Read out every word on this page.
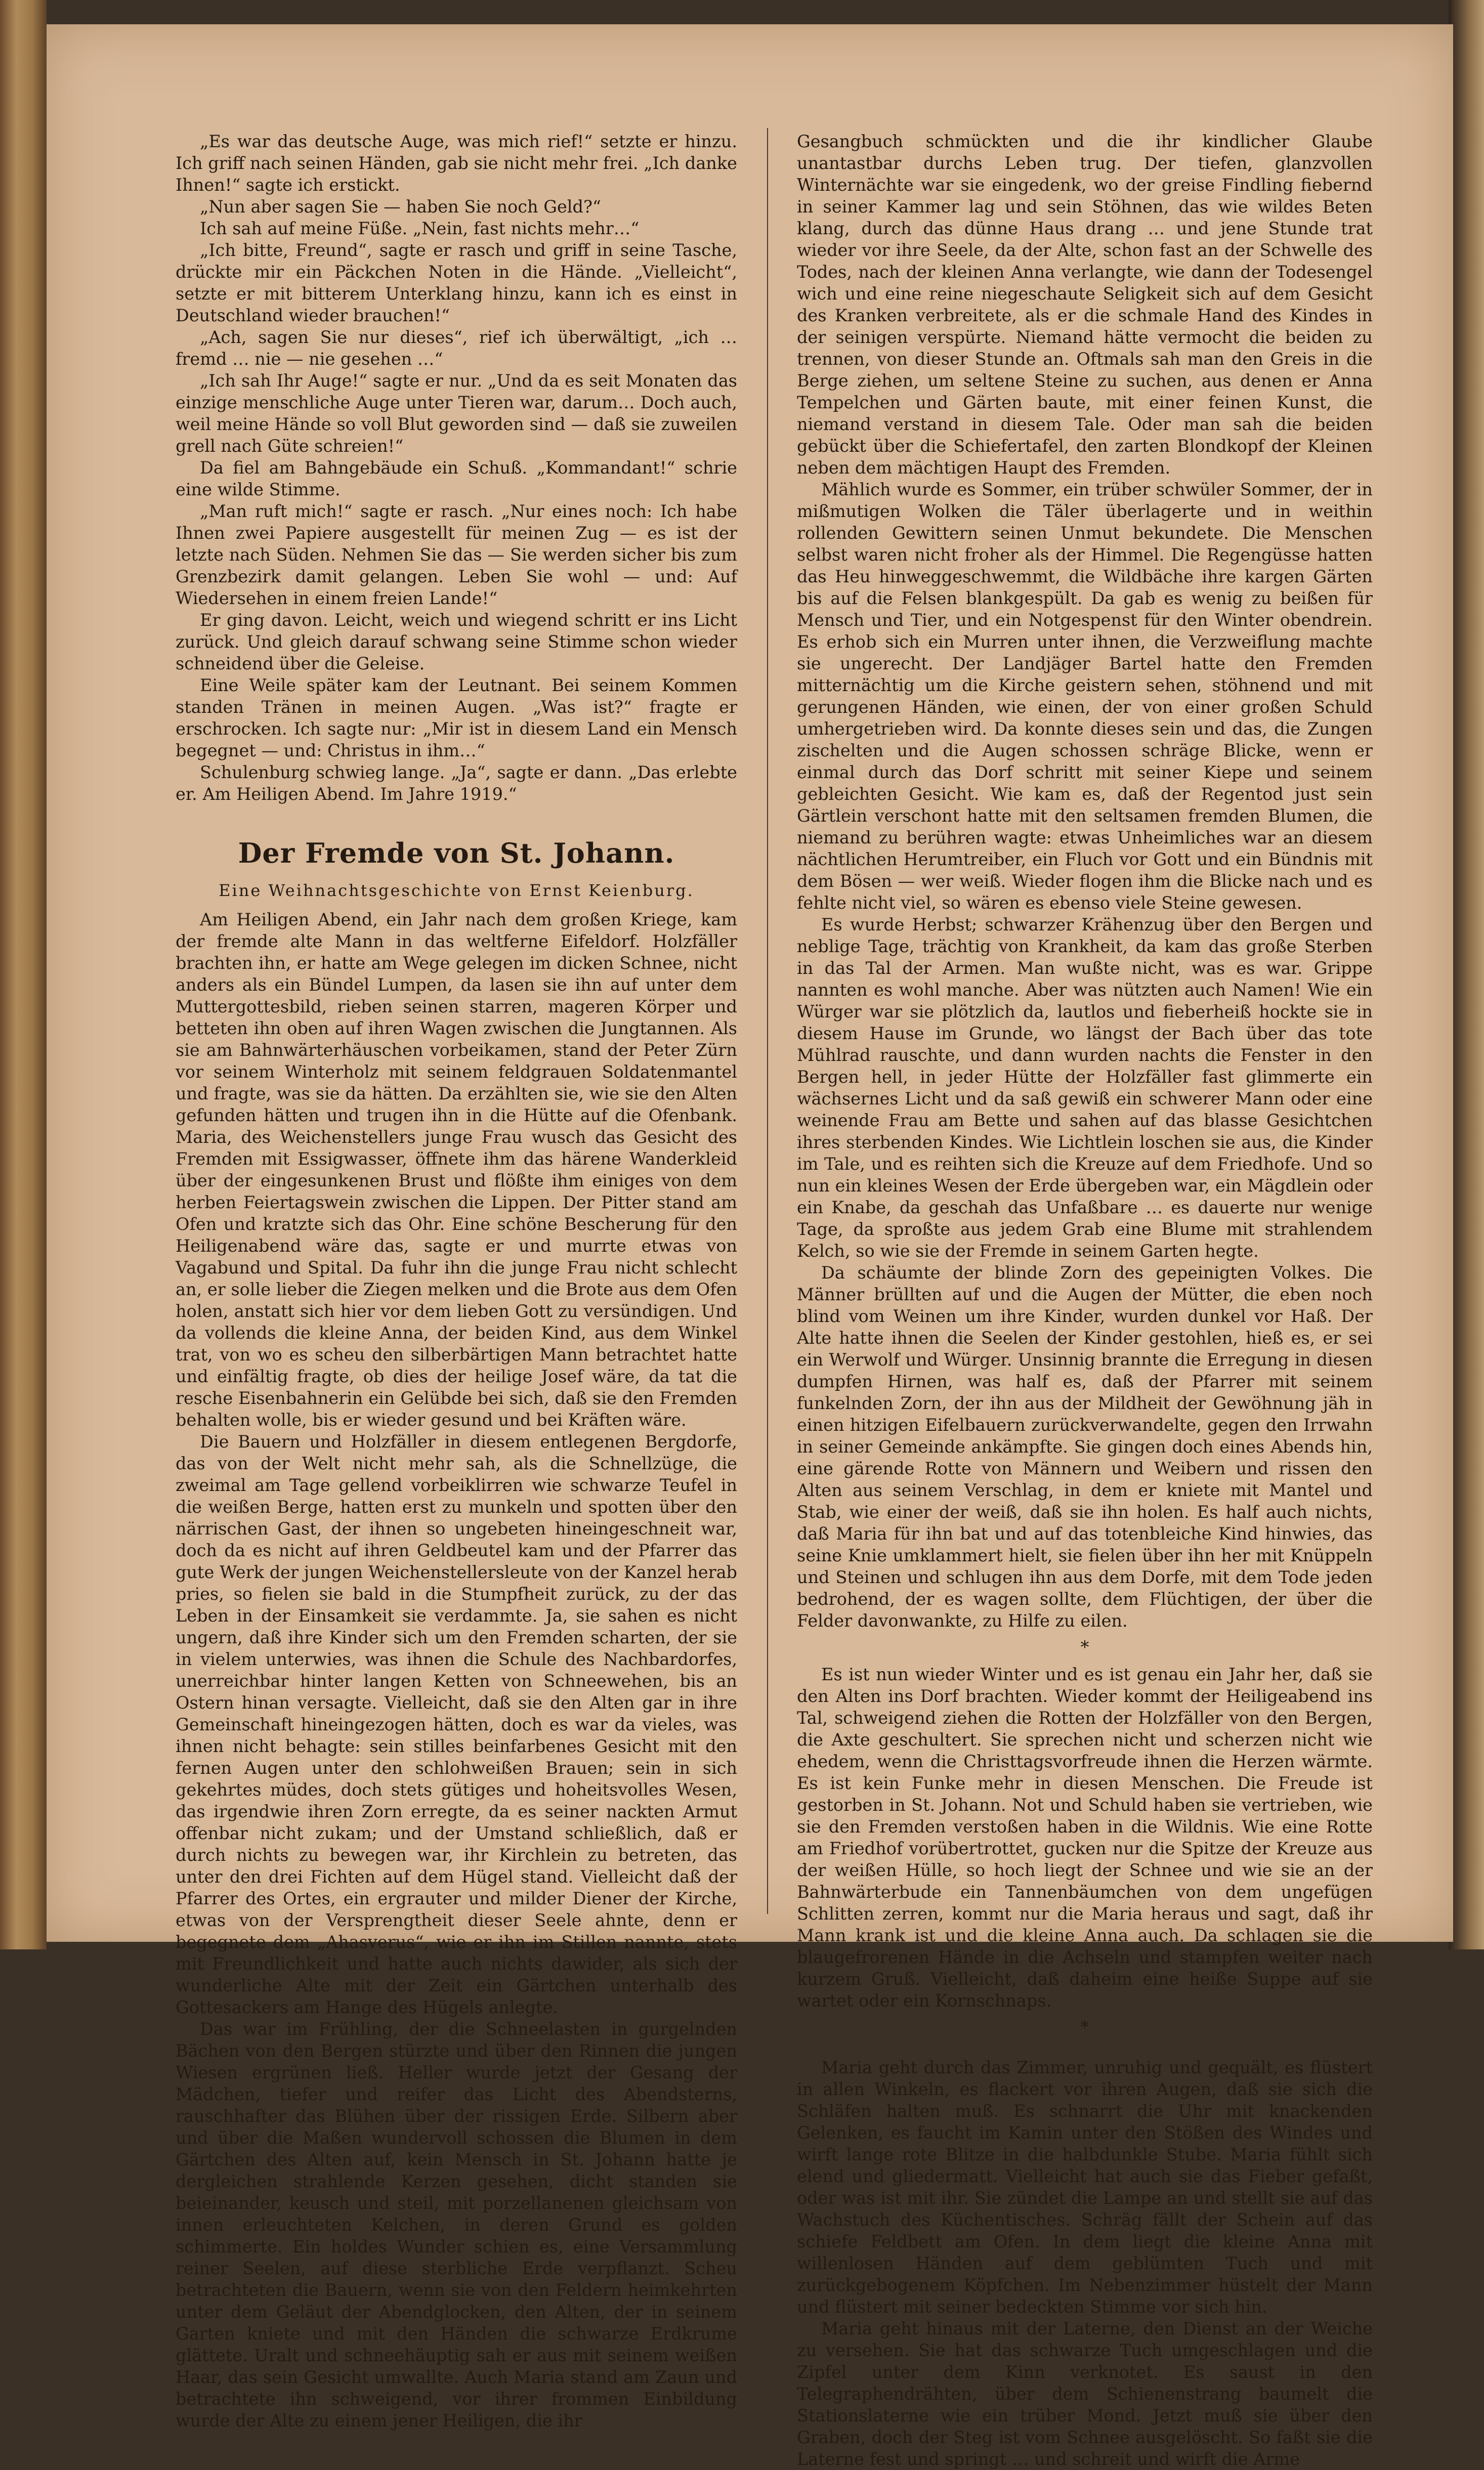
„Es war das deutsche Auge, was mich rief!“ setzte er hinzu. Ich griff nach seinen Händen, gab sie nicht mehr frei. „Ich danke Ihnen!“ sagte ich erstickt.

„Nun aber sagen Sie — haben Sie noch Geld?“

Ich sah auf meine Füße. „Nein, fast nichts mehr…“

„Ich bitte, Freund“, sagte er rasch und griff in seine Tasche, drückte mir ein Päckchen Noten in die Hände. „Vielleicht“, setzte er mit bitterem Unterklang hinzu, kann ich es einst in Deutschland wieder brauchen!“

„Ach, sagen Sie nur dieses“, rief ich überwältigt, „ich … fremd … nie — nie gesehen …“

„Ich sah Ihr Auge!“ sagte er nur. „Und da es seit Monaten das einzige menschliche Auge unter Tieren war, darum… Doch auch, weil meine Hände so voll Blut geworden sind — daß sie zuweilen grell nach Güte schreien!“

Da fiel am Bahngebäude ein Schuß. „Kommandant!“ schrie eine wilde Stimme.

„Man ruft mich!“ sagte er rasch. „Nur eines noch: Ich habe Ihnen zwei Papiere ausgestellt für meinen Zug — es ist der letzte nach Süden. Nehmen Sie das — Sie werden sicher bis zum Grenzbezirk damit gelangen. Leben Sie wohl — und: Auf Wiedersehen in einem freien Lande!“

Er ging davon. Leicht, weich und wiegend schritt er ins Licht zurück. Und gleich darauf schwang seine Stimme schon wieder schneidend über die Geleise.

Eine Weile später kam der Leutnant. Bei seinem Kommen standen Tränen in meinen Augen. „Was ist?“ fragte er erschrocken. Ich sagte nur: „Mir ist in diesem Land ein Mensch begegnet — und: Christus in ihm…“

Schulenburg schwieg lange. „Ja“, sagte er dann. „Das erlebte er. Am Heiligen Abend. Im Jahre 1919.“

Der Fremde von St. Johann.
Eine Weihnachtsgeschichte von Ernst Keienburg.

Am Heiligen Abend, ein Jahr nach dem großen Kriege, kam der fremde alte Mann in das weltferne Eifeldorf. Holzfäller brachten ihn, er hatte am Wege gelegen im dicken Schnee, nicht anders als ein Bündel Lumpen, da lasen sie ihn auf unter dem Muttergottesbild, rieben seinen starren, mageren Körper und betteten ihn oben auf ihren Wagen zwischen die Jungtannen. Als sie am Bahnwärterhäuschen vorbeikamen, stand der Peter Zürn vor seinem Winterholz mit seinem feldgrauen Soldatenmantel und fragte, was sie da hätten. Da erzählten sie, wie sie den Alten gefunden hätten und trugen ihn in die Hütte auf die Ofenbank. Maria, des Weichenstellers junge Frau wusch das Gesicht des Fremden mit Essigwasser, öffnete ihm das härene Wanderkleid über der eingesunkenen Brust und flößte ihm einiges von dem herben Feiertagswein zwischen die Lippen. Der Pitter stand am Ofen und kratzte sich das Ohr. Eine schöne Bescherung für den Heiligenabend wäre das, sagte er und murrte etwas von Vagabund und Spital. Da fuhr ihn die junge Frau nicht schlecht an, er solle lieber die Ziegen melken und die Brote aus dem Ofen holen, anstatt sich hier vor dem lieben Gott zu versündigen. Und da vollends die kleine Anna, der beiden Kind, aus dem Winkel trat, von wo es scheu den silberbärtigen Mann betrachtet hatte und einfältig fragte, ob dies der heilige Josef wäre, da tat die resche Eisenbahnerin ein Gelübde bei sich, daß sie den Fremden behalten wolle, bis er wieder gesund und bei Kräften wäre.

Die Bauern und Holzfäller in diesem entlegenen Bergdorfe, das von der Welt nicht mehr sah, als die Schnellzüge, die zweimal am Tage gellend vorbeiklirren wie schwarze Teufel in die weißen Berge, hatten erst zu munkeln und spotten über den närrischen Gast, der ihnen so ungebeten hineingeschneit war, doch da es nicht auf ihren Geldbeutel kam und der Pfarrer das gute Werk der jungen Weichenstellersleute von der Kanzel herab pries, so fielen sie bald in die Stumpfheit zurück, zu der das Leben in der Einsamkeit sie verdammte. Ja, sie sahen es nicht ungern, daß ihre Kinder sich um den Fremden scharten, der sie in vielem unterwies, was ihnen die Schule des Nachbardorfes, unerreichbar hinter langen Ketten von Schneewehen, bis an Ostern hinan versagte. Vielleicht, daß sie den Alten gar in ihre Gemeinschaft hineingezogen hätten, doch es war da vieles, was ihnen nicht behagte: sein stilles beinfarbenes Gesicht mit den fernen Augen unter den schlohweißen Brauen; sein in sich gekehrtes müdes, doch stets gütiges und hoheitsvolles Wesen, das irgendwie ihren Zorn erregte, da es seiner nackten Armut offenbar nicht zukam; und der Umstand schließlich, daß er durch nichts zu bewegen war, ihr Kirchlein zu betreten, das unter den drei Fichten auf dem Hügel stand. Vielleicht daß der Pfarrer des Ortes, ein ergrauter und milder Diener der Kirche, etwas von der Versprengtheit dieser Seele ahnte, denn er begegnete dem „Ahasverus“, wie er ihn im Stillen nannte, stets mit Freundlichkeit und hatte auch nichts dawider, als sich der wunderliche Alte mit der Zeit ein Gärtchen unterhalb des Gottesackers am Hange des Hügels anlegte.

Das war im Frühling, der die Schneelasten in gurgelnden Bächen von den Bergen stürzte und über den Rinnen die jungen Wiesen ergrünen ließ. Heller wurde jetzt der Gesang der Mädchen, tiefer und reifer das Licht des Abendsterns, rauschhafter das Blühen über der rissigen Erde. Silbern aber und über die Maßen wundervoll schossen die Blumen in dem Gärtchen des Alten auf, kein Mensch in St. Johann hatte je dergleichen strahlende Kerzen gesehen, dicht standen sie beieinander, keusch und steil, mit porzellanenen gleichsam von innen erleuchteten Kelchen, in deren Grund es golden schimmerte. Ein holdes Wunder schien es, eine Versammlung reiner Seelen, auf diese sterbliche Erde verpflanzt. Scheu betrachteten die Bauern, wenn sie von den Feldern heimkehrten unter dem Geläut der Abendglocken, den Alten, der in seinem Garten kniete und mit den Händen die schwarze Erdkrume glättete. Uralt und schneehäuptig sah er aus mit seinem weißen Haar, das sein Gesicht umwallte. Auch Maria stand am Zaun und betrachtete ihn schweigend, vor ihrer frommen Einbildung wurde der Alte zu einem jener Heiligen, die ihr

Gesangbuch schmückten und die ihr kindlicher Glaube unantastbar durchs Leben trug. Der tiefen, glanzvollen Winternächte war sie eingedenk, wo der greise Findling fiebernd in seiner Kammer lag und sein Stöhnen, das wie wildes Beten klang, durch das dünne Haus drang … und jene Stunde trat wieder vor ihre Seele, da der Alte, schon fast an der Schwelle des Todes, nach der kleinen Anna verlangte, wie dann der Todesengel wich und eine reine niegeschaute Seligkeit sich auf dem Gesicht des Kranken verbreitete, als er die schmale Hand des Kindes in der seinigen verspürte. Niemand hätte vermocht die beiden zu trennen, von dieser Stunde an. Oftmals sah man den Greis in die Berge ziehen, um seltene Steine zu suchen, aus denen er Anna Tempelchen und Gärten baute, mit einer feinen Kunst, die niemand verstand in diesem Tale. Oder man sah die beiden gebückt über die Schiefertafel, den zarten Blondkopf der Kleinen neben dem mächtigen Haupt des Fremden.

Mählich wurde es Sommer, ein trüber schwüler Sommer, der in mißmutigen Wolken die Täler überlagerte und in weithin rollenden Gewittern seinen Unmut bekundete. Die Menschen selbst waren nicht froher als der Himmel. Die Regengüsse hatten das Heu hinweggeschwemmt, die Wildbäche ihre kargen Gärten bis auf die Felsen blankgespült. Da gab es wenig zu beißen für Mensch und Tier, und ein Notgespenst für den Winter obendrein. Es erhob sich ein Murren unter ihnen, die Verzweiflung machte sie ungerecht. Der Landjäger Bartel hatte den Fremden mitternächtig um die Kirche geistern sehen, stöhnend und mit gerungenen Händen, wie einen, der von einer großen Schuld umhergetrieben wird. Da konnte dieses sein und das, die Zungen zischelten und die Augen schossen schräge Blicke, wenn er einmal durch das Dorf schritt mit seiner Kiepe und seinem gebleichten Gesicht. Wie kam es, daß der Regentod just sein Gärtlein verschont hatte mit den seltsamen fremden Blumen, die niemand zu berühren wagte: etwas Unheimliches war an diesem nächtlichen Herumtreiber, ein Fluch vor Gott und ein Bündnis mit dem Bösen — wer weiß. Wieder flogen ihm die Blicke nach und es fehlte nicht viel, so wären es ebenso viele Steine gewesen.

Es wurde Herbst; schwarzer Krähenzug über den Bergen und neblige Tage, trächtig von Krankheit, da kam das große Sterben in das Tal der Armen. Man wußte nicht, was es war. Grippe nannten es wohl manche. Aber was nützten auch Namen! Wie ein Würger war sie plötzlich da, lautlos und fieberheiß hockte sie in diesem Hause im Grunde, wo längst der Bach über das tote Mühlrad rauschte, und dann wurden nachts die Fenster in den Bergen hell, in jeder Hütte der Holzfäller fast glimmerte ein wächsernes Licht und da saß gewiß ein schwerer Mann oder eine weinende Frau am Bette und sahen auf das blasse Gesichtchen ihres sterbenden Kindes. Wie Lichtlein loschen sie aus, die Kinder im Tale, und es reihten sich die Kreuze auf dem Friedhofe. Und so nun ein kleines Wesen der Erde übergeben war, ein Mägdlein oder ein Knabe, da geschah das Unfaßbare … es dauerte nur wenige Tage, da sproßte aus jedem Grab eine Blume mit strahlendem Kelch, so wie sie der Fremde in seinem Garten hegte.

Da schäumte der blinde Zorn des gepeinigten Volkes. Die Männer brüllten auf und die Augen der Mütter, die eben noch blind vom Weinen um ihre Kinder, wurden dunkel vor Haß. Der Alte hatte ihnen die Seelen der Kinder gestohlen, hieß es, er sei ein Werwolf und Würger. Unsinnig brannte die Erregung in diesen dumpfen Hirnen, was half es, daß der Pfarrer mit seinem funkelnden Zorn, der ihn aus der Mildheit der Gewöhnung jäh in einen hitzigen Eifelbauern zurückverwandelte, gegen den Irrwahn in seiner Gemeinde ankämpfte. Sie gingen doch eines Abends hin, eine gärende Rotte von Männern und Weibern und rissen den Alten aus seinem Verschlag, in dem er kniete mit Mantel und Stab, wie einer der weiß, daß sie ihn holen. Es half auch nichts, daß Maria für ihn bat und auf das totenbleiche Kind hinwies, das seine Knie umklammert hielt, sie fielen über ihn her mit Knüppeln und Steinen und schlugen ihn aus dem Dorfe, mit dem Tode jeden bedrohend, der es wagen sollte, dem Flüchtigen, der über die Felder davonwankte, zu Hilfe zu eilen.

*

Es ist nun wieder Winter und es ist genau ein Jahr her, daß sie den Alten ins Dorf brachten. Wieder kommt der Heiligeabend ins Tal, schweigend ziehen die Rotten der Holzfäller von den Bergen, die Axte geschultert. Sie sprechen nicht und scherzen nicht wie ehedem, wenn die Christtagsvorfreude ihnen die Herzen wärmte. Es ist kein Funke mehr in diesen Menschen. Die Freude ist gestorben in St. Johann. Not und Schuld haben sie vertrieben, wie sie den Fremden verstoßen haben in die Wildnis. Wie eine Rotte am Friedhof vorübertrottet, gucken nur die Spitze der Kreuze aus der weißen Hülle, so hoch liegt der Schnee und wie sie an der Bahnwärterbude ein Tannenbäumchen von dem ungefügen Schlitten zerren, kommt nur die Maria heraus und sagt, daß ihr Mann krank ist und die kleine Anna auch. Da schlagen sie die blaugefrorenen Hände in die Achseln und stampfen weiter nach kurzem Gruß. Vielleicht, daß daheim eine heiße Suppe auf sie wartet oder ein Kornschnaps.

*

Maria geht durch das Zimmer, unruhig und gequält, es flüstert in allen Winkeln, es flackert vor ihren Augen, daß sie sich die Schläfen halten muß. Es schnarrt die Uhr mit knackenden Gelenken, es faucht im Kamin unter den Stößen des Windes und wirft lange rote Blitze in die halbdunkle Stube. Maria fühlt sich elend und gliedermatt. Vielleicht hat auch sie das Fieber gefaßt, oder was ist mit ihr. Sie zündet die Lampe an und stellt sie auf das Wachstuch des Küchentisches. Schräg fällt der Schein auf das schiefe Feldbett am Ofen. In dem liegt die kleine Anna mit willenlosen Händen auf dem geblümten Tuch und mit zurückgebogenem Köpfchen. Im Nebenzimmer hüstelt der Mann und flüstert mit seiner bedeckten Stimme vor sich hin.

Maria geht hinaus mit der Laterne, den Dienst an der Weiche zu versehen. Sie hat das schwarze Tuch umgeschlagen und die Zipfel unter dem Kinn verknotet. Es saust in den Telegraphendrähten, über dem Schienenstrang baumelt die Stationslaterne wie ein trüber Mond. Jetzt muß sie über den Graben, doch der Steg ist vom Schnee ausgelöscht. So faßt sie die Laterne fest und springt … und schreit und wirft die Arme
